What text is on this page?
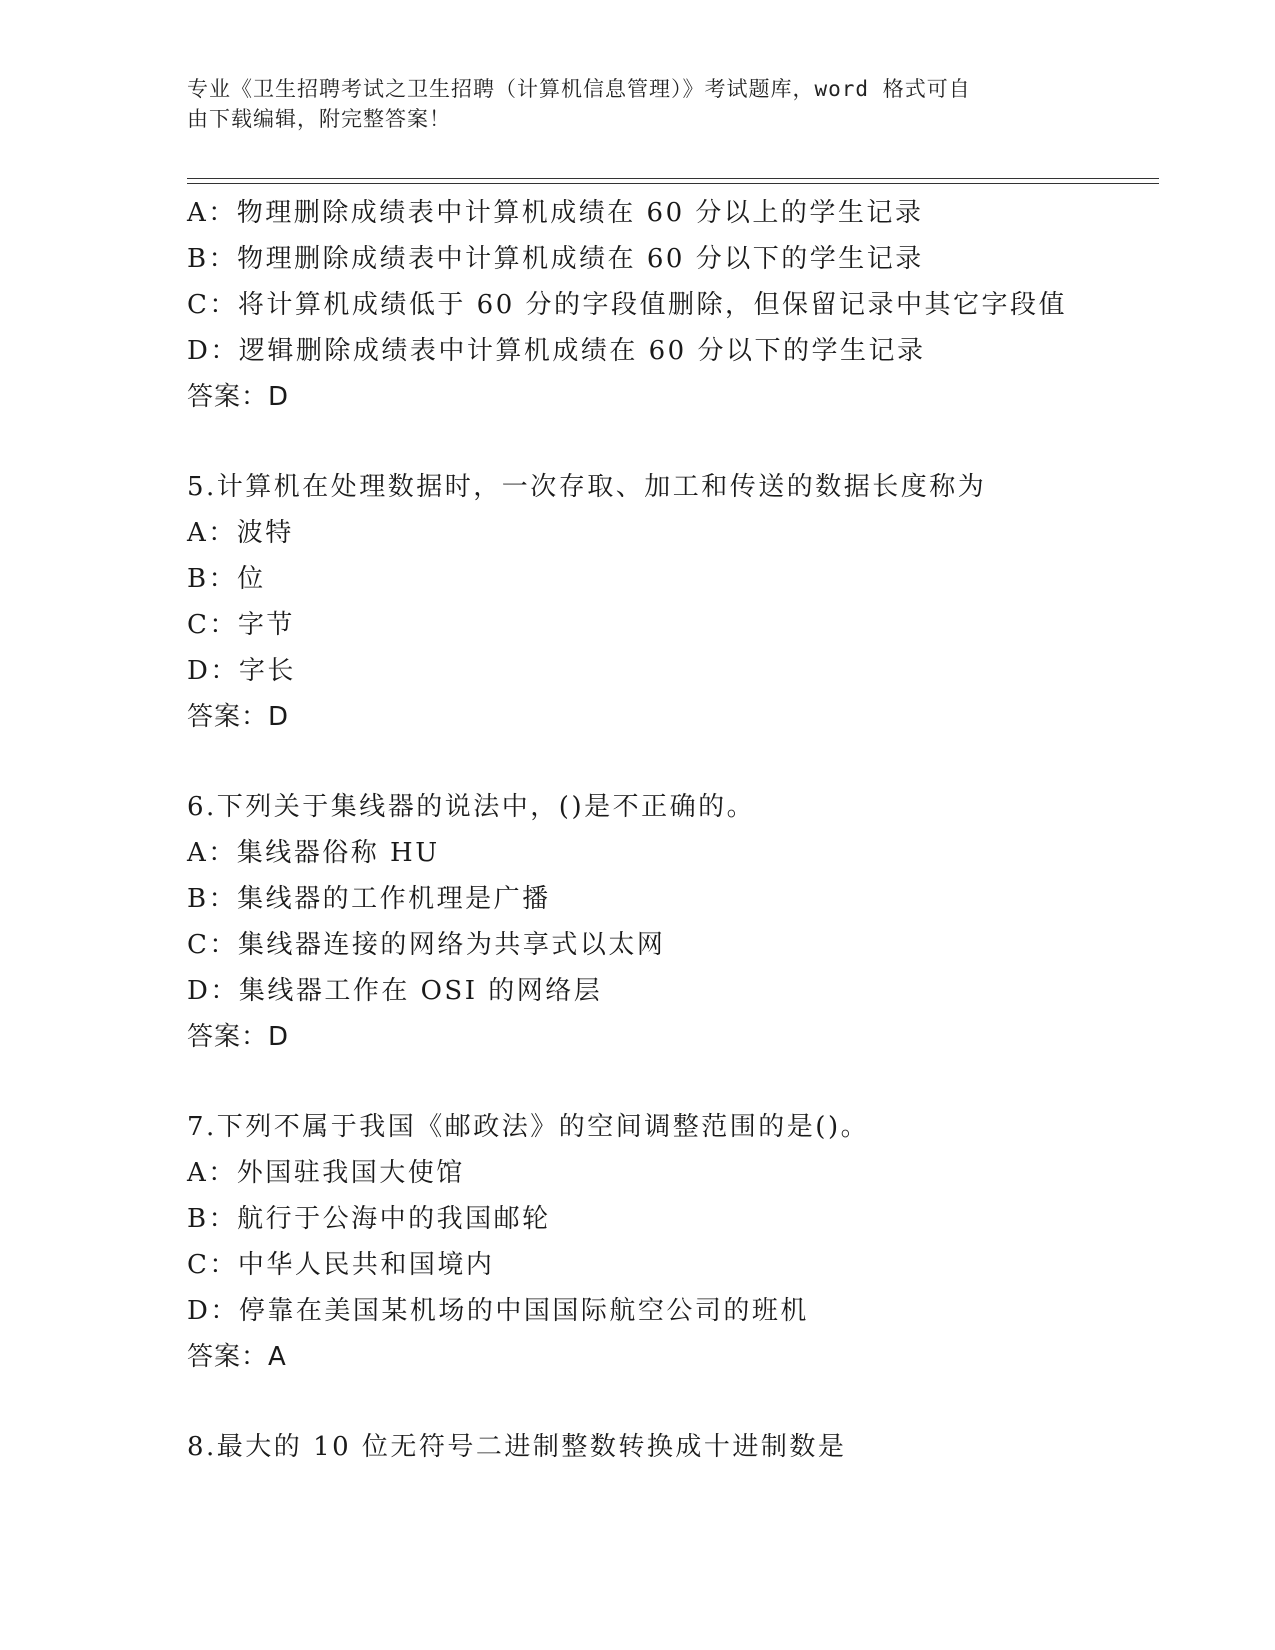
专业《卫生招聘考试之卫生招聘（计算机信息管理）》考试题库，word 格式可自
由下载编辑，附完整答案！
A：物理删除成绩表中计算机成绩在 60 分以上的学生记录
B：物理删除成绩表中计算机成绩在 60 分以下的学生记录
C：将计算机成绩低于 60 分的字段值删除，但保留记录中其它字段值
D：逻辑删除成绩表中计算机成绩在 60 分以下的学生记录
答案：D
5.计算机在处理数据时，一次存取、加工和传送的数据长度称为
A：波特
B：位
C：字节
D：字长
答案：D
6.下列关于集线器的说法中，()是不正确的。
A：集线器俗称 HU
B：集线器的工作机理是广播
C：集线器连接的网络为共享式以太网
D：集线器工作在 OSI 的网络层
答案：D
7.下列不属于我国《邮政法》的空间调整范围的是()。
A：外国驻我国大使馆
B：航行于公海中的我国邮轮
C：中华人民共和国境内
D：停靠在美国某机场的中国国际航空公司的班机
答案：A
8.最大的 10 位无符号二进制整数转换成十进制数是
